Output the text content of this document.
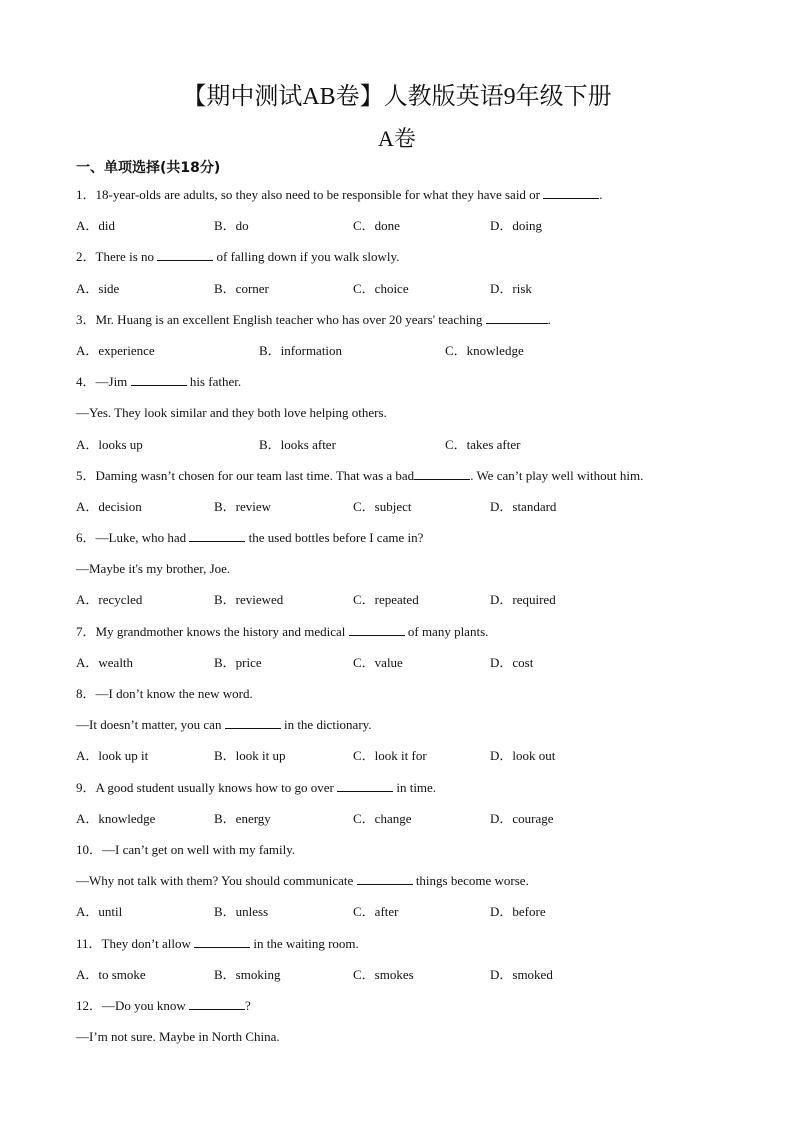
【期中测试AB卷】人教版英语9年级下册
A卷
一、单项选择(共18分)
1．18-year-olds are adults, so they also need to be responsible for what they have said or	.
A．did	B．do	C．done	D．doing
2．There is no	of falling down if you walk slowly.
A．side	B．corner	C．choice	D．risk
3．Mr. Huang is an excellent English teacher who has over 20 years' teaching	.
A．experience	B．information	C．knowledge
4．—Jim	his father.
—Yes. They look similar and they both love helping others.
A．looks up	B．looks after	C．takes after
5．Daming wasn’t chosen for our team last time. That was a bad	. We can’t play well without him.
A．decision	B．review	C．subject	D．standard
6．—Luke, who had	the used bottles before I came in?
—Maybe it's my brother, Joe.
A．recycled	B．reviewed	C．repeated	D．required
7．My grandmother knows the history and medical	of many plants.
A．wealth	B．price	C．value	D．cost
8．—I don’t know the new word.
—It doesn’t matter, you can	in the dictionary.
A．look up it	B．look it up	C．look it for	D．look out
9．A good student usually knows how to go over	in time.
A．knowledge	B．energy	C．change	D．courage
10．—I can’t get on well with my family.
—Why not talk with them? You should communicate	things become worse.
A．until	B．unless	C．after	D．before
11．They don’t allow	in the waiting room.
A．to smoke	B．smoking	C．smokes	D．smoked
12．—Do you know	?
—I’m not sure. Maybe in North China.
